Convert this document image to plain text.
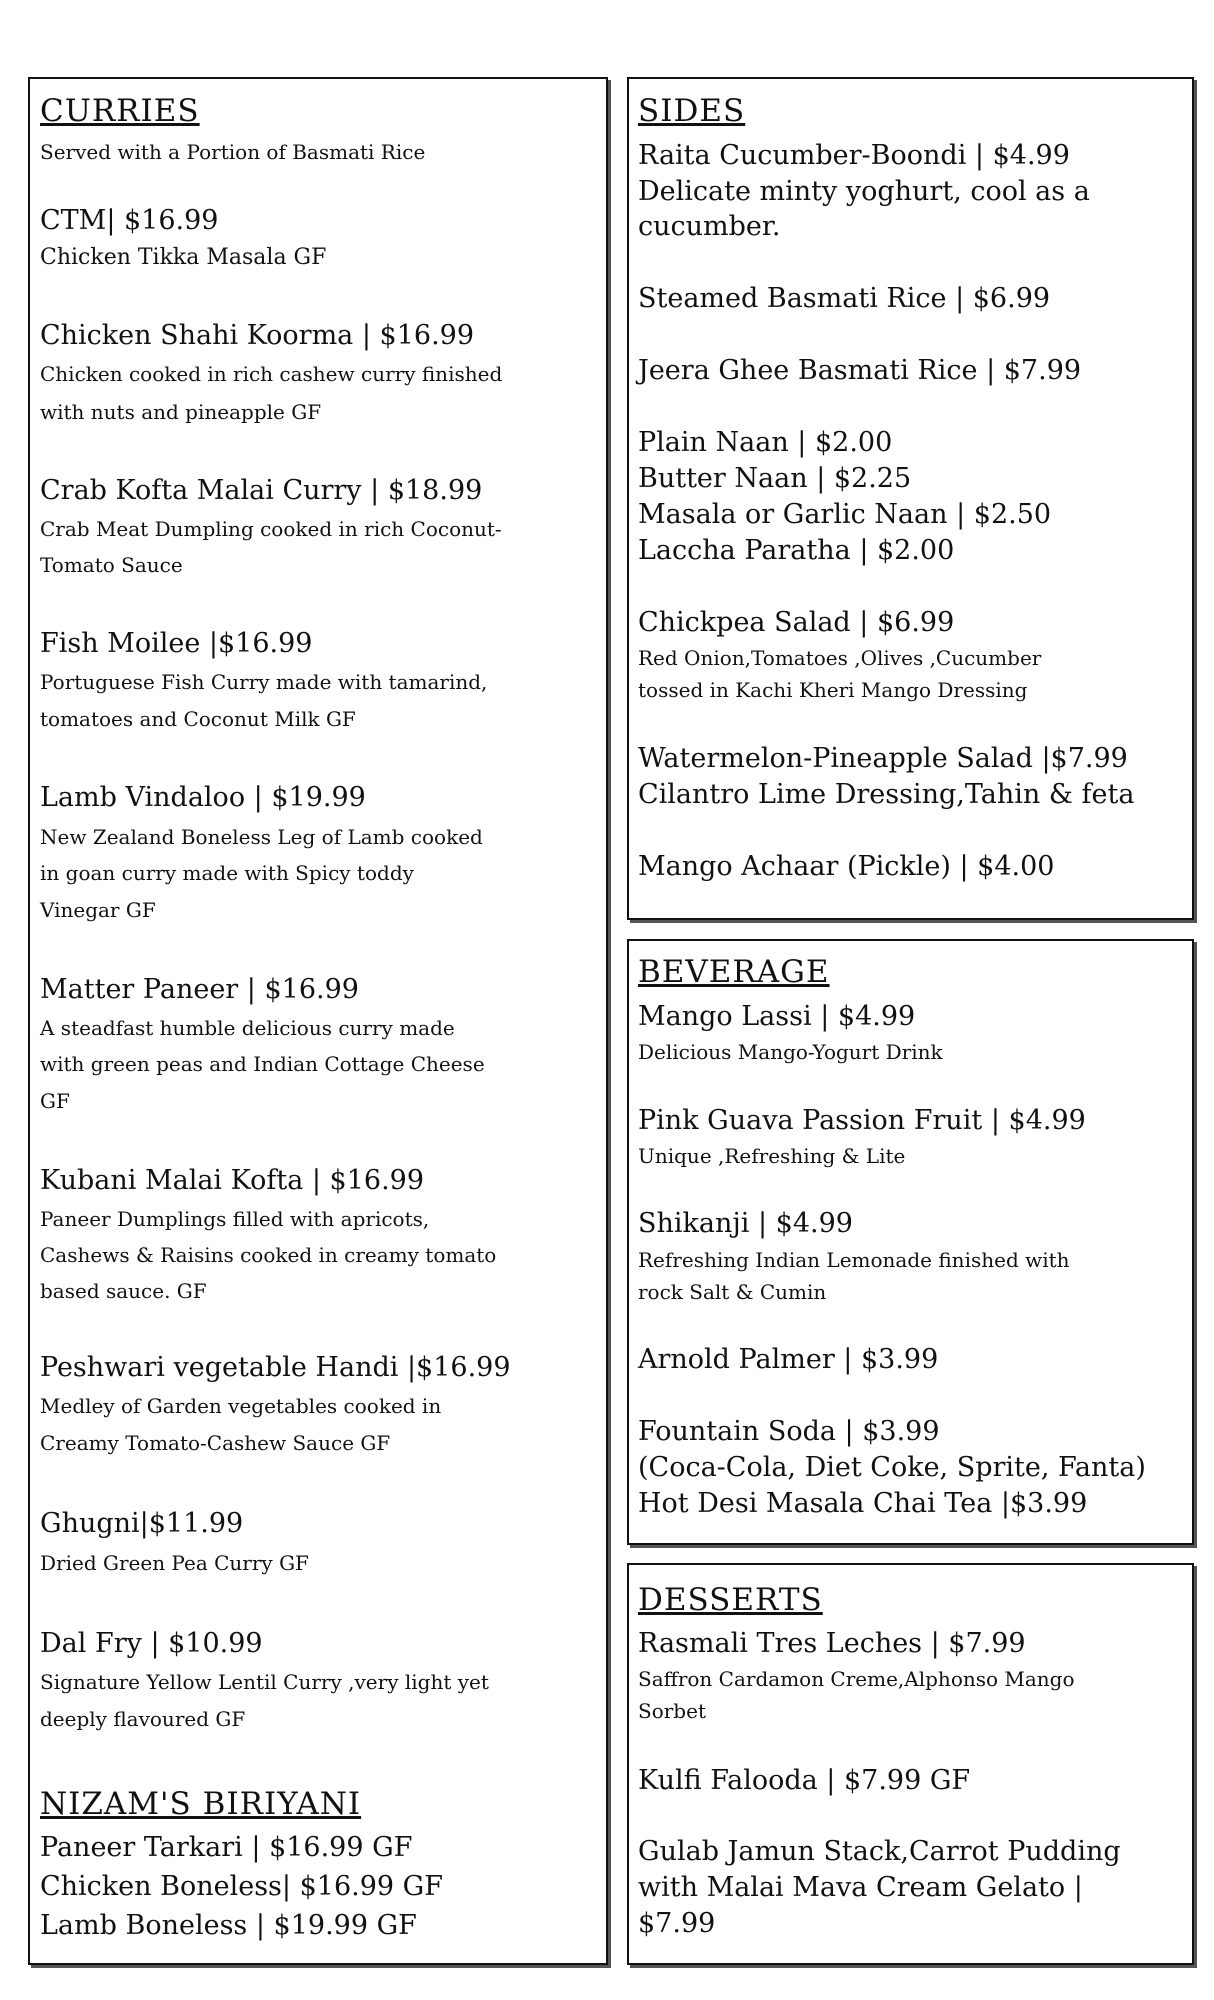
CURRIES
Served with a Portion of Basmati Rice
CTM| $16.99
Chicken Tikka Masala GF
Chicken Shahi Koorma | $16.99
Chicken cooked in rich cashew curry finished
with nuts and pineapple GF
Crab Kofta Malai Curry | $18.99
Crab Meat Dumpling cooked in rich Coconut-
Tomato Sauce
Fish Moilee |$16.99
Portuguese Fish Curry made with tamarind,
tomatoes and Coconut Milk GF
Lamb Vindaloo | $19.99
New Zealand Boneless Leg of Lamb cooked
in goan curry made with Spicy toddy
Vinegar GF
Matter Paneer | $16.99
A steadfast humble delicious curry made
with green peas and Indian Cottage Cheese
GF
Kubani Malai Kofta | $16.99
Paneer Dumplings filled with apricots,
Cashews & Raisins cooked in creamy tomato
based sauce. GF
Peshwari vegetable Handi |$16.99
Medley of Garden vegetables cooked in
Creamy Tomato-Cashew Sauce GF
Ghugni|$11.99
Dried Green Pea Curry GF
Dal Fry | $10.99
Signature Yellow Lentil Curry ,very light yet
deeply flavoured GF
NIZAM'S BIRIYANI
Paneer Tarkari | $16.99 GF
Chicken Boneless| $16.99 GF
Lamb Boneless | $19.99 GF
SIDES
Raita Cucumber-Boondi | $4.99
Delicate minty yoghurt, cool as a
cucumber.
Steamed Basmati Rice | $6.99
Jeera Ghee Basmati Rice | $7.99
Plain Naan | $2.00
Butter Naan | $2.25
Masala or Garlic Naan | $2.50
Laccha Paratha | $2.00
Chickpea Salad | $6.99
Red Onion,Tomatoes ,Olives ,Cucumber
tossed in Kachi Kheri Mango Dressing
Watermelon-Pineapple Salad |$7.99
Cilantro Lime Dressing,Tahin & feta
Mango Achaar (Pickle) | $4.00
BEVERAGE
Mango Lassi | $4.99
Delicious Mango-Yogurt Drink
Pink Guava Passion Fruit | $4.99
Unique ,Refreshing & Lite
Shikanji | $4.99
Refreshing Indian Lemonade finished with
rock Salt & Cumin
Arnold Palmer | $3.99
Fountain Soda | $3.99
(Coca-Cola, Diet Coke, Sprite, Fanta)
Hot Desi Masala Chai Tea |$3.99
DESSERTS
Rasmali Tres Leches | $7.99
Saffron Cardamon Creme,Alphonso Mango
Sorbet
Kulfi Falooda | $7.99 GF
Gulab Jamun Stack,Carrot Pudding
with Malai Mava Cream Gelato |
$7.99
